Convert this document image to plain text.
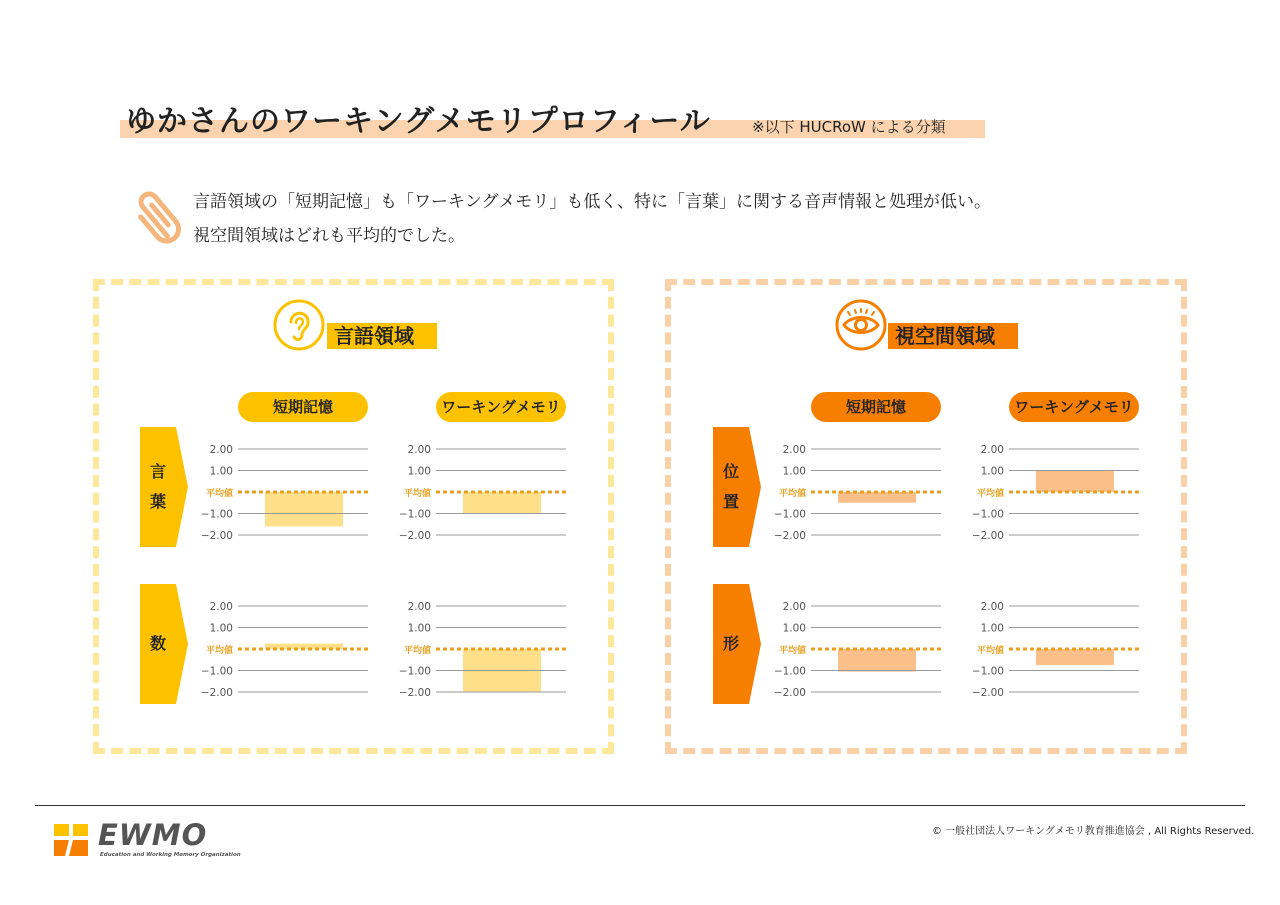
ゆかさんのワーキングメモリプロフィール	※以下 HUCRoW による分類
言語領域の「短期記憶」も「ワーキングメモリ」も低く、特に「言葉」に関する音声情報と処理が低い。
視空間領域はどれも平均的でした。
言語領域
短期記憶	ワーキングメモリ
言
葉
数
視空間領域
短期記憶	ワーキングメモリ
位
置
形
2.00
1.00
平均値
−1.00
−2.00
2.00
1.00
平均値
−1.00
−2.00
2.00
1.00
平均値
−1.00
−2.00
2.00
1.00
平均値
−1.00
−2.00
2.00
1.00
平均値
−1.00
−2.00
2.00
1.00
平均値
−1.00
−2.00
2.00
1.00
平均値
−1.00
−2.00
2.00
1.00
平均値
−1.00
−2.00
EWMO
Education and Working Memory Organization
© 一般社団法人ワーキングメモリ教育推進協会 , All Rights Reserved.
